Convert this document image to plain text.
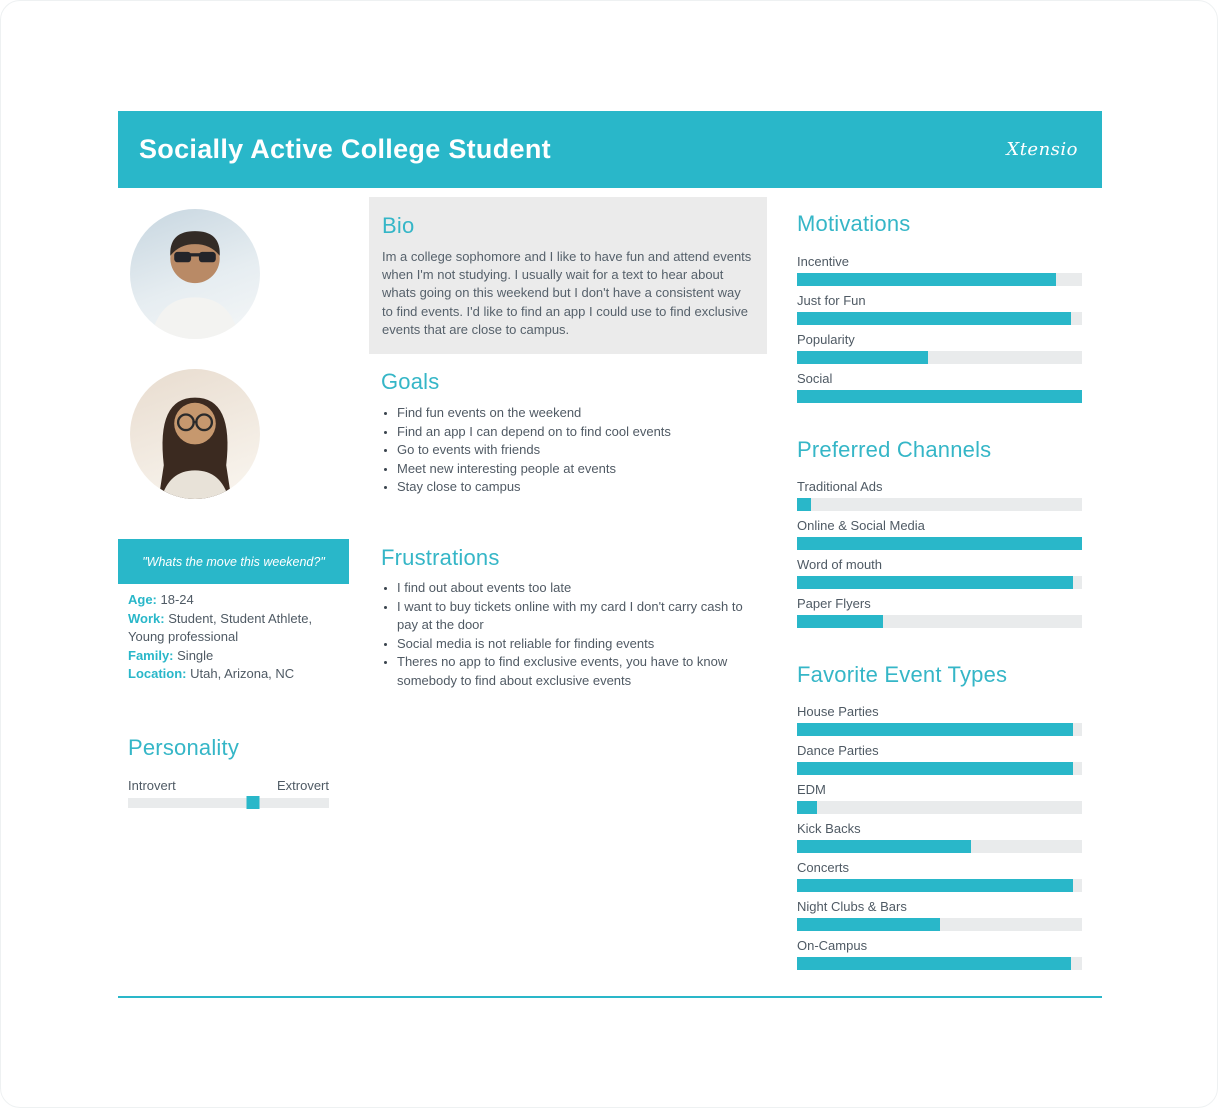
Socially Active College Student	Xtensio
"Whats the move this weekend?"

Age: 18-24

Work: Student, Student Athlete, Young professional

Family: Single

Location: Utah, Arizona, NC

Personality
Introvert	Extrovert
Bio

Im a college sophomore and I like to have fun and attend events when I'm not studying. I usually wait for a text to hear about whats going on this weekend but I don't have a consistent way to find events. I'd like to find an app I could use to find exclusive events that are close to campus.

Goals
• Find fun events on the weekend
• Find an app I can depend on to find cool events
• Go to events with friends
• Meet new interesting people at events
• Stay close to campus
Frustrations
• I find out about events too late
• I want to buy tickets online with my card I don't carry cash to pay at the door
• Social media is not reliable for finding events
• Theres no app to find exclusive events, you have to know somebody to find about exclusive events
Motivations
Incentive
Just for Fun
Popularity
Social
Preferred Channels
Traditional Ads
Online & Social Media
Word of mouth
Paper Flyers
Favorite Event Types
House Parties
Dance Parties
EDM
Kick Backs
Concerts
Night Clubs & Bars
On-Campus
